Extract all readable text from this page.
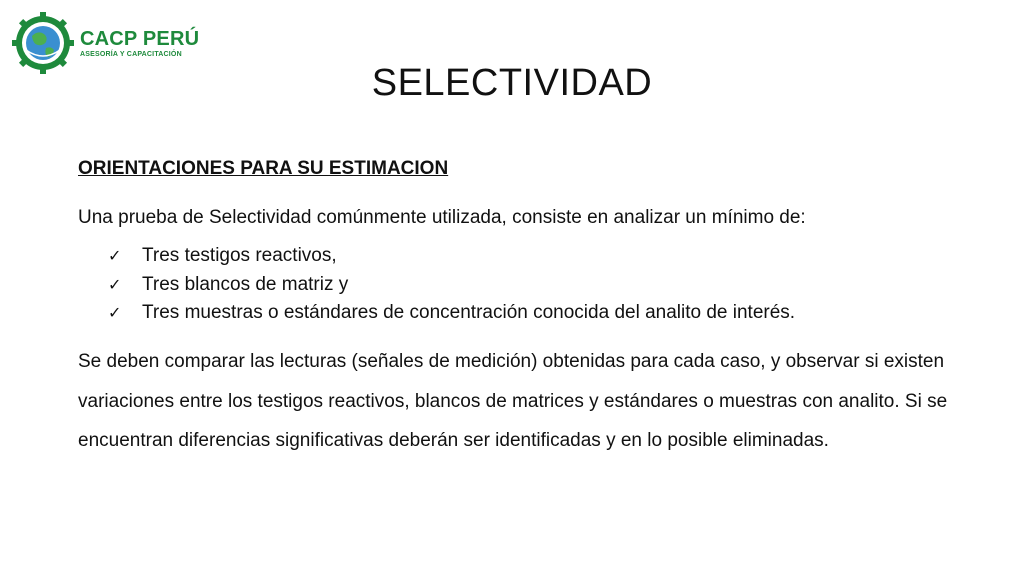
CACP PERÚ
ASESORÍA Y CAPACITACIÓN
SELECTIVIDAD
ORIENTACIONES PARA SU ESTIMACION

Una prueba de Selectividad comúnmente utilizada, consiste en analizar un mínimo de:

✓	Tres testigos reactivos,
✓	Tres blancos de matriz y
✓	Tres muestras o estándares de concentración conocida del analito de interés.

Se deben comparar las lecturas (señales de medición) obtenidas para cada caso, y observar si existen variaciones entre los testigos reactivos, blancos de matrices y estándares o muestras con analito. Si se encuentran diferencias significativas deberán ser identificadas y en lo posible eliminadas.
